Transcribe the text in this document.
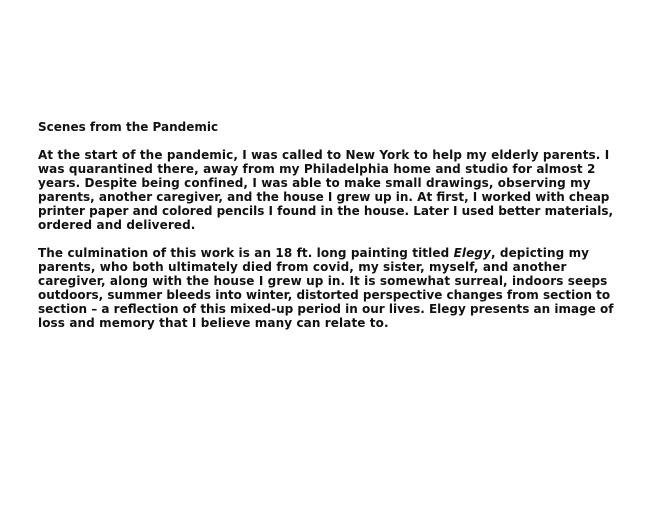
Scenes from the Pandemic
At the start of the pandemic, I was called to New York to help my elderly parents. I
was quarantined there, away from my Philadelphia home and studio for almost 2
years. Despite being confined, I was able to make small drawings, observing my
parents, another caregiver, and the house I grew up in. At first, I worked with cheap
printer paper and colored pencils I found in the house. Later I used better materials,
ordered and delivered.
The culmination of this work is an 18 ft. long painting titled Elegy, depicting my
parents, who both ultimately died from covid, my sister, myself, and another
caregiver, along with the house I grew up in. It is somewhat surreal, indoors seeps
outdoors, summer bleeds into winter, distorted perspective changes from section to
section – a reflection of this mixed-up period in our lives. Elegy presents an image of
loss and memory that I believe many can relate to.
